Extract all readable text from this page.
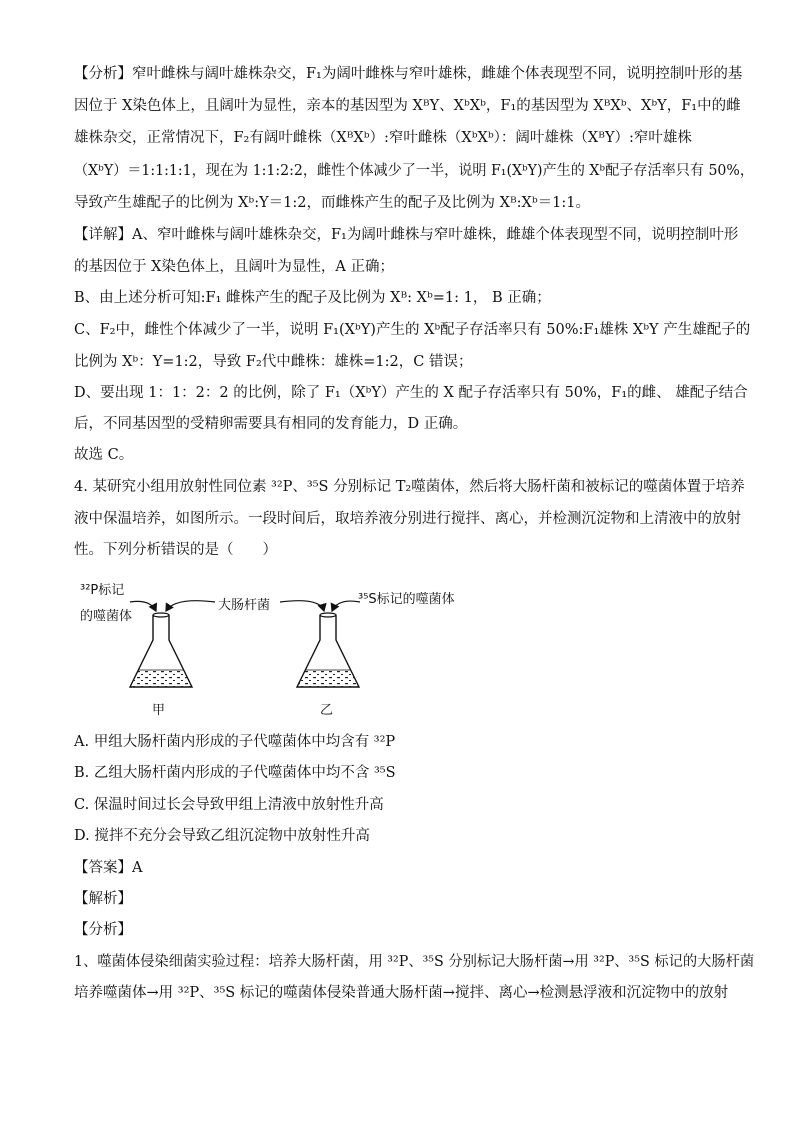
【分析】窄叶雌株与阔叶雄株杂交，F₁为阔叶雌株与窄叶雄株，雌雄个体表现型不同，说明控制叶形的基
因位于 X染色体上，且阔叶为显性，亲本的基因型为 XᴮY、XᵇXᵇ，F₁的基因型为 XᴮXᵇ、XᵇY，F₁中的雌
雄株杂交，正常情况下，F₂有阔叶雌株（XᴮXᵇ）:窄叶雌株（XᵇXᵇ）：阔叶雄株（XᴮY）:窄叶雄株
（XᵇY）＝1:1:1:1，现在为 1:1:2:2，雌性个体减少了一半，说明 F₁(XᵇY)产生的 Xᵇ配子存活率只有 50%，
导致产生雄配子的比例为 Xᵇ:Y＝1:2，而雌株产生的配子及比例为 Xᴮ:Xᵇ＝1:1。
【详解】A、窄叶雌株与阔叶雄株杂交，F₁为阔叶雌株与窄叶雄株，雌雄个体表现型不同，说明控制叶形
的基因位于 X染色体上，且阔叶为显性，A 正确；
B、由上述分析可知:F₁ 雌株产生的配子及比例为 Xᴮ: Xᵇ=1: 1， B 正确；
C、F₂中，雌性个体减少了一半，说明 F₁(XᵇY)产生的 Xᵇ配子存活率只有 50%:F₁雄株 XᵇY 产生雄配子的
比例为 Xᵇ：Y=1:2，导致 F₂代中雌株：雄株=1:2，C 错误；
D、要出现 1：1：2：2 的比例，除了 F₁（XᵇY）产生的 X 配子存活率只有 50%，F₁的雌、 雄配子结合
后，不同基因型的受精卵需要具有相同的发育能力，D 正确。
故选 C。
4. 某研究小组用放射性同位素 ³²P、³⁵S 分别标记 T₂噬菌体，然后将大肠杆菌和被标记的噬菌体置于培养
液中保温培养，如图所示。一段时间后，取培养液分别进行搅拌、离心，并检测沉淀物和上清液中的放射
性。下列分析错误的是（　　）
³²P标记
的噬菌体
大肠杆菌	³⁵S标记的噬菌体
甲	乙
A. 甲组大肠杆菌内形成的子代噬菌体中均含有 ³²P
B. 乙组大肠杆菌内形成的子代噬菌体中均不含 ³⁵S
C. 保温时间过长会导致甲组上清液中放射性升高
D. 搅拌不充分会导致乙组沉淀物中放射性升高
【答案】A
【解析】
【分析】
1、噬菌体侵染细菌实验过程：培养大肠杆菌，用 ³²P、³⁵S 分别标记大肠杆菌→用 ³²P、³⁵S 标记的大肠杆菌
培养噬菌体→用 ³²P、³⁵S 标记的噬菌体侵染普通大肠杆菌→搅拌、离心→检测悬浮液和沉淀物中的放射
